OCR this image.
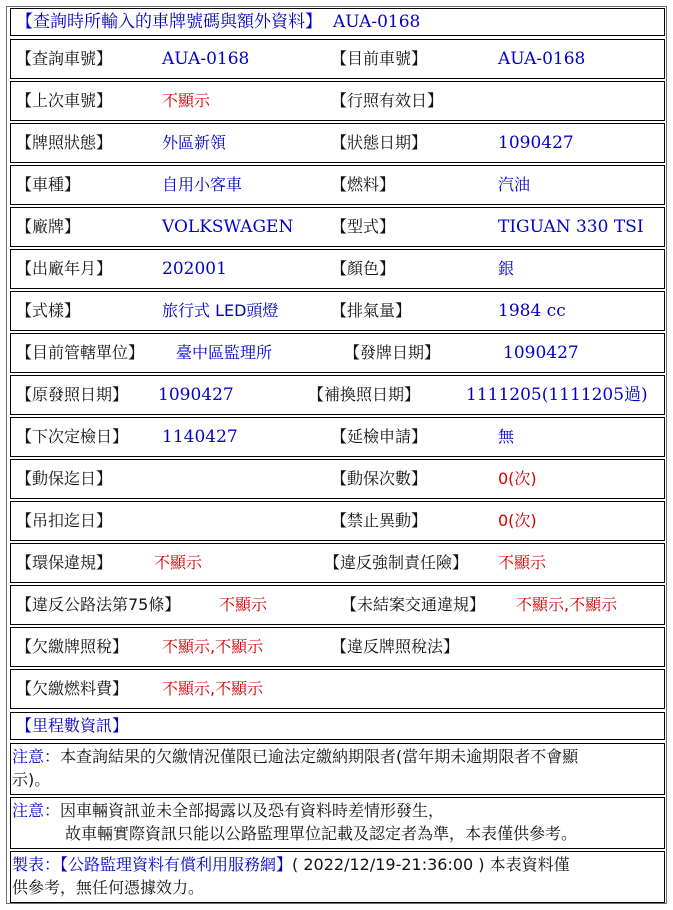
【查詢時所輸入的車牌號碼與額外資料】 AUA-0168
【查詢車號】	AUA-0168	【目前車號】	AUA-0168
【上次車號】	不顯示	【行照有效日】
【牌照狀態】	外區新領	【狀態日期】	1090427
【車種】	自用小客車	【燃料】	汽油
【廠牌】	VOLKSWAGEN 【型式】	TIGUAN 330 TSI
【出廠年月】	202001	【顏色】	銀
【式樣】	旅行式 LED頭燈	【排氣量】	1984 cc
【目前管轄單位】 臺中區監理所	【發牌日期】	1090427
【原發照日期】 1090427	【補換照日期】	1111205(1111205過)
【下次定檢日】 1140427	【延檢申請】	無
【動保迄日】	【動保次數】	0(次)
【吊扣迄日】	【禁止異動】	0(次)
【環保違規】	不顯示	【違反強制責任險】 不顯示
【違反公路法第75條】 不顯示	【未結案交通違規】 不顯示,不顯示
【欠繳牌照稅】 不顯示,不顯示	【違反牌照稅法】
【欠繳燃料費】 不顯示,不顯示
【里程數資訊】
注意：本查詢結果的欠繳情況僅限已逾法定繳納期限者(當年期未逾期限者不會顯
示)。
注意：因車輛資訊並未全部揭露以及恐有資料時差情形發生，
故車輛實際資訊只能以公路監理單位記載及認定者為準，本表僅供參考。
製表：【公路監理資料有償利用服務網】( 2022/12/19-21:36:00 ) 本表資料僅
供參考，無任何憑據效力。
